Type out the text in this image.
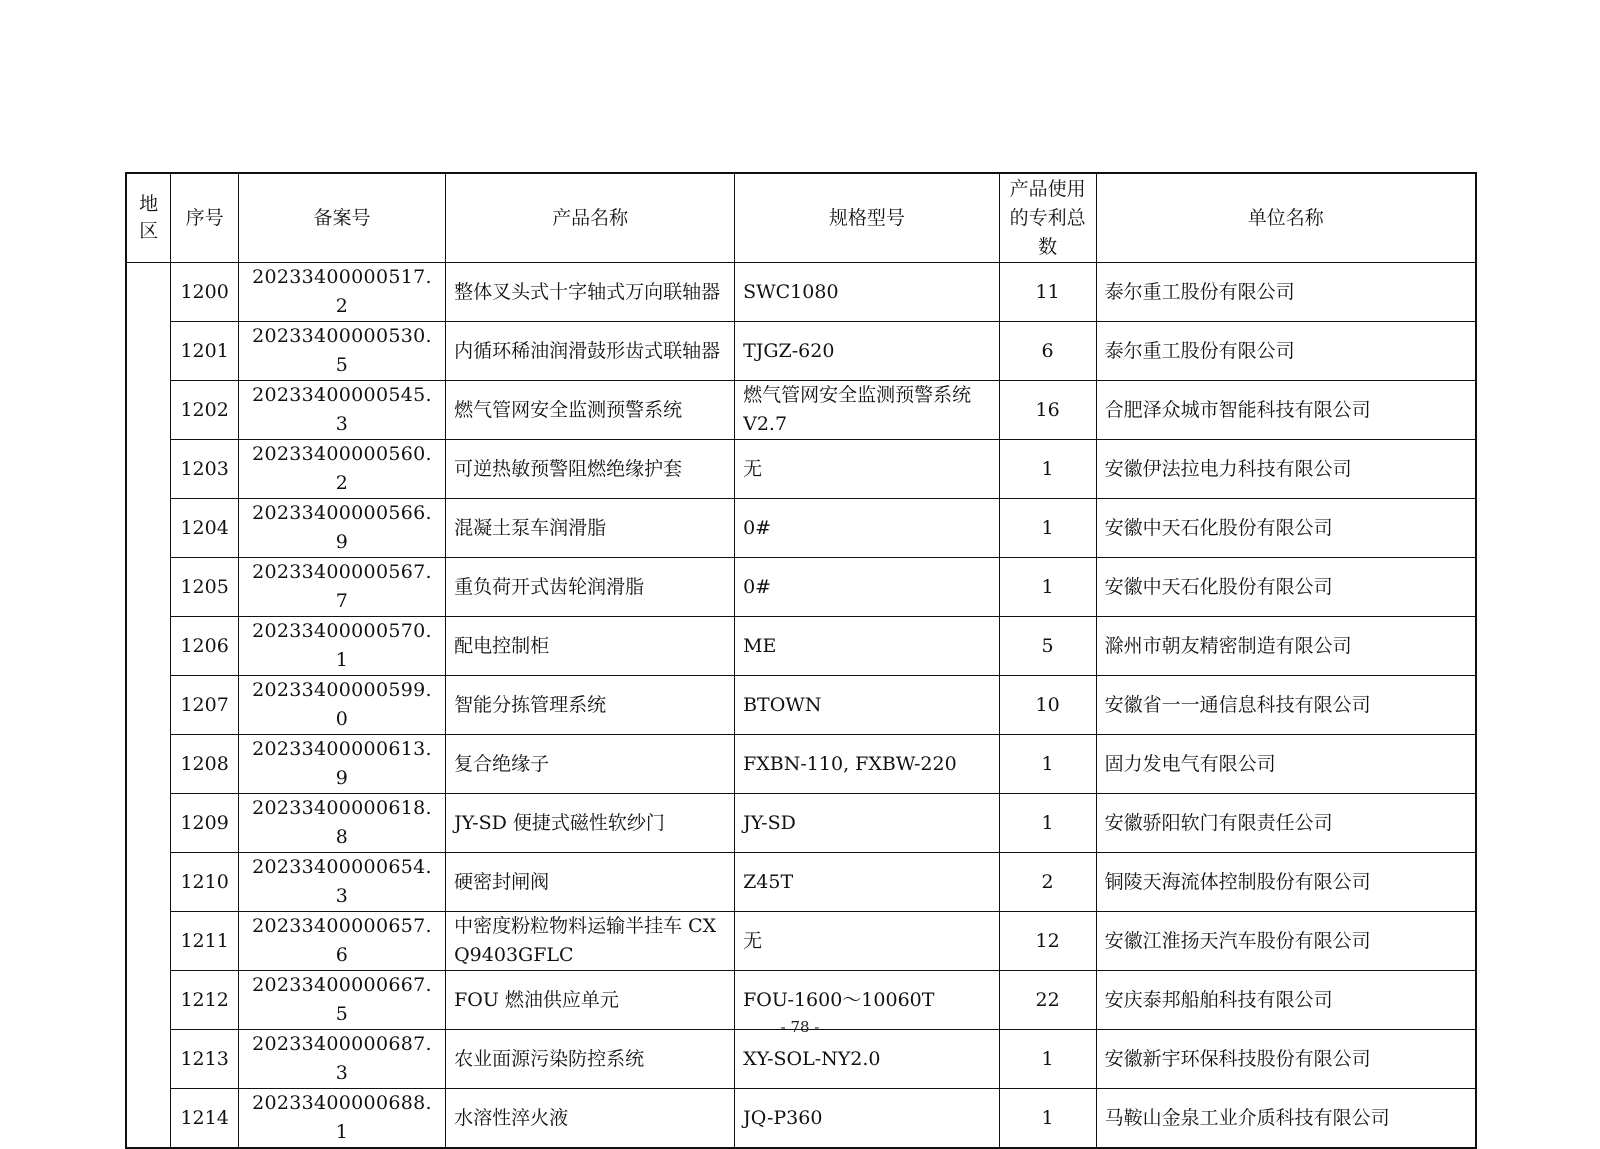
地区	序号	备案号	产品名称	规格型号	产品使用的专利总数	单位名称
	1200	20233400000517.2	整体叉头式十字轴式万向联轴器	SWC1080	11	泰尔重工股份有限公司
	1201	20233400000530.5	内循环稀油润滑鼓形齿式联轴器	TJGZ-620	6	泰尔重工股份有限公司
	1202	20233400000545.3	燃气管网安全监测预警系统	燃气管网安全监测预警系统 V2.7	16	合肥泽众城市智能科技有限公司
	1203	20233400000560.2	可逆热敏预警阻燃绝缘护套	无	1	安徽伊法拉电力科技有限公司
	1204	20233400000566.9	混凝土泵车润滑脂	0#	1	安徽中天石化股份有限公司
	1205	20233400000567.7	重负荷开式齿轮润滑脂	0#	1	安徽中天石化股份有限公司
	1206	20233400000570.1	配电控制柜	ME	5	滁州市朝友精密制造有限公司
	1207	20233400000599.0	智能分拣管理系统	BTOWN	10	安徽省一一通信息科技有限公司
	1208	20233400000613.9	复合绝缘子	FXBN-110, FXBW-220	1	固力发电气有限公司
	1209	20233400000618.8	JY-SD 便捷式磁性软纱门	JY-SD	1	安徽骄阳软门有限责任公司
	1210	20233400000654.3	硬密封闸阀	Z45T	2	铜陵天海流体控制股份有限公司
	1211	20233400000657.6	中密度粉粒物料运输半挂车 CXQ9403GFLC	无	12	安徽江淮扬天汽车股份有限公司
	1212	20233400000667.5	FOU 燃油供应单元	FOU-1600～10060T	22	安庆泰邦船舶科技有限公司
	1213	20233400000687.3	农业面源污染防控系统	XY-SOL-NY2.0	1	安徽新宇环保科技股份有限公司
	1214	20233400000688.1	水溶性淬火液	JQ-P360	1	马鞍山金泉工业介质科技有限公司
- 78 -
